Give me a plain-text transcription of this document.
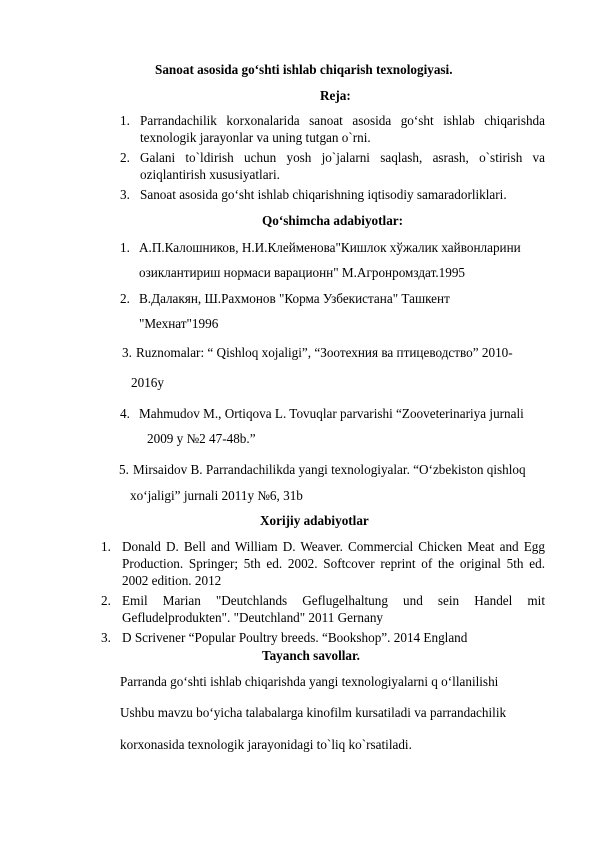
Sanoat asosida go‘shti ishlab chiqarish texnologiyasi.
Reja:
1. Parrandachilik korxonalarida sanoat asosida go‘sht ishlab chiqarishda
texnologik jarayonlar va uning tutgan o`rni.
2. Galani to`ldirish uchun yosh jo`jalarni saqlash, asrash, o`stirish va
oziqlantirish xususiyatlari.
3. Sanoat asosida go‘sht ishlab chiqarishning iqtisodiy samaradorliklari.
Qo‘shimcha adabiyotlar:
1. А.П.Калошников, Н.И.Клейменова"Кишлок хўжалик хайвонларини
озиклантириш нормаси варационн" М.Агронромздат.1995
2. В.Дaлакян, Ш.Рахмонов "Корма Узбекистана" Ташкент
"Мехнат"1996
3. Ruznomalar: “ Qishloq xojaligi”, “Зоотехния ва птицеводство” 2010-
2016y
4. Mahmudov M., Ortiqova L. Tovuqlar parvarishi “Zooveterinariya jurnali
2009 y №2 47-48b.”
5. Mirsaidov B. Parrandachilikda yangi texnologiyalar. “O‘zbekiston qishloq
xo‘jaligi” jurnali 2011y №6, 31b
Xorijiy adabiyotlar
1. Donald D. Bell and William D. Weaver. Commercial Chicken Meat and Egg
Production. Springer; 5th ed. 2002. Softcover reprint of the original 5th ed.
2002 edition. 2012
2. Emil Marian "Deutchlands Geflugelhaltung und sein Handel mit
Gefludelprodukten". "Deutchland" 2011 Gernany
3. D Scrivener “Popular Poultry breeds. “Bookshop”. 2014 England
Tayanch savollar.
Parranda go‘shti ishlab chiqarishda yangi texnologiyalarni q o‘llanilishi
Ushbu mavzu bo‘yicha talabalarga kinofilm kursatiladi va parrandachilik
korxonasida texnologik jarayonidagi to`liq ko`rsatiladi.
